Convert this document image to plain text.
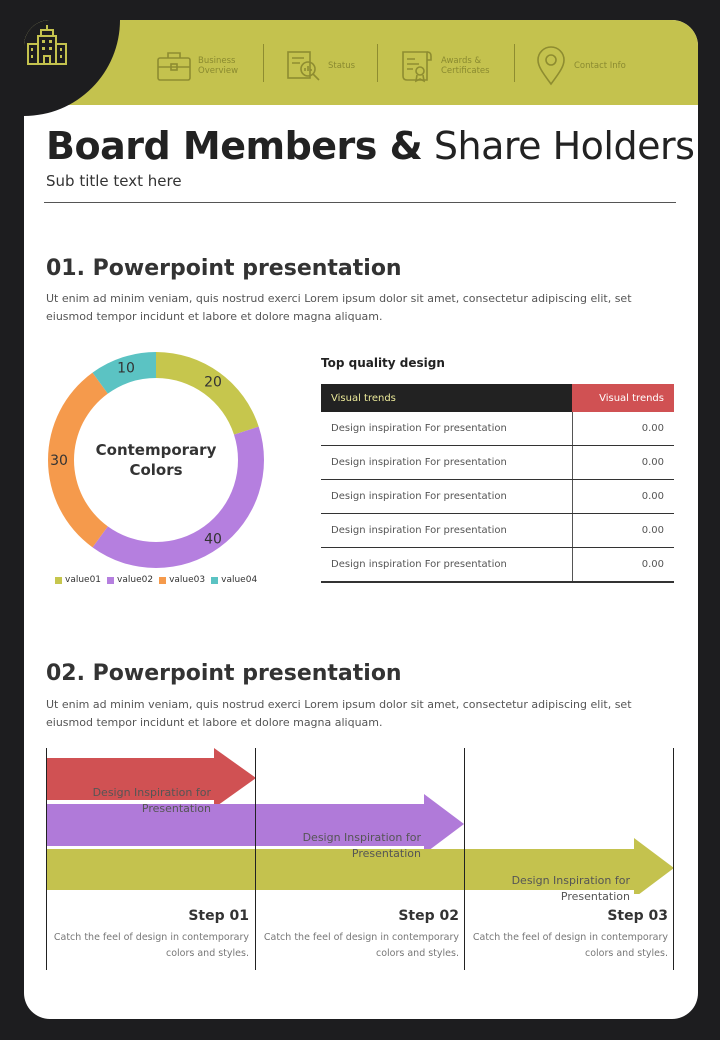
Business
Overview	Status	Awards &
Certificates	Contact Info
Board Members & Share Holders
Sub title text here
01. Powerpoint presentation
Ut enim ad minim veniam, quis nostrud exerci Lorem ipsum dolor sit amet, consectetur adipiscing elit, set eiusmod tempor incidunt et labore et dolore magna aliquam.
20
40
30
10
Contemporary
Colors
value01 value02 value03 value04
Top quality design
Visual trends	Visual trends
Design inspiration For presentation	0.00
Design inspiration For presentation	0.00
Design inspiration For presentation	0.00
Design inspiration For presentation	0.00
Design inspiration For presentation	0.00
02. Powerpoint presentation
Ut enim ad minim veniam, quis nostrud exerci Lorem ipsum dolor sit amet, consectetur adipiscing elit, set eiusmod tempor incidunt et labore et dolore magna aliquam.
Design Inspiration for
Presentation
Design Inspiration for
Presentation
Design Inspiration for
Presentation
Step 01
Catch the feel of design in contemporary
colors and styles.
Step 02
Catch the feel of design in contemporary
colors and styles.
Step 03
Catch the feel of design in contemporary
colors and styles.
